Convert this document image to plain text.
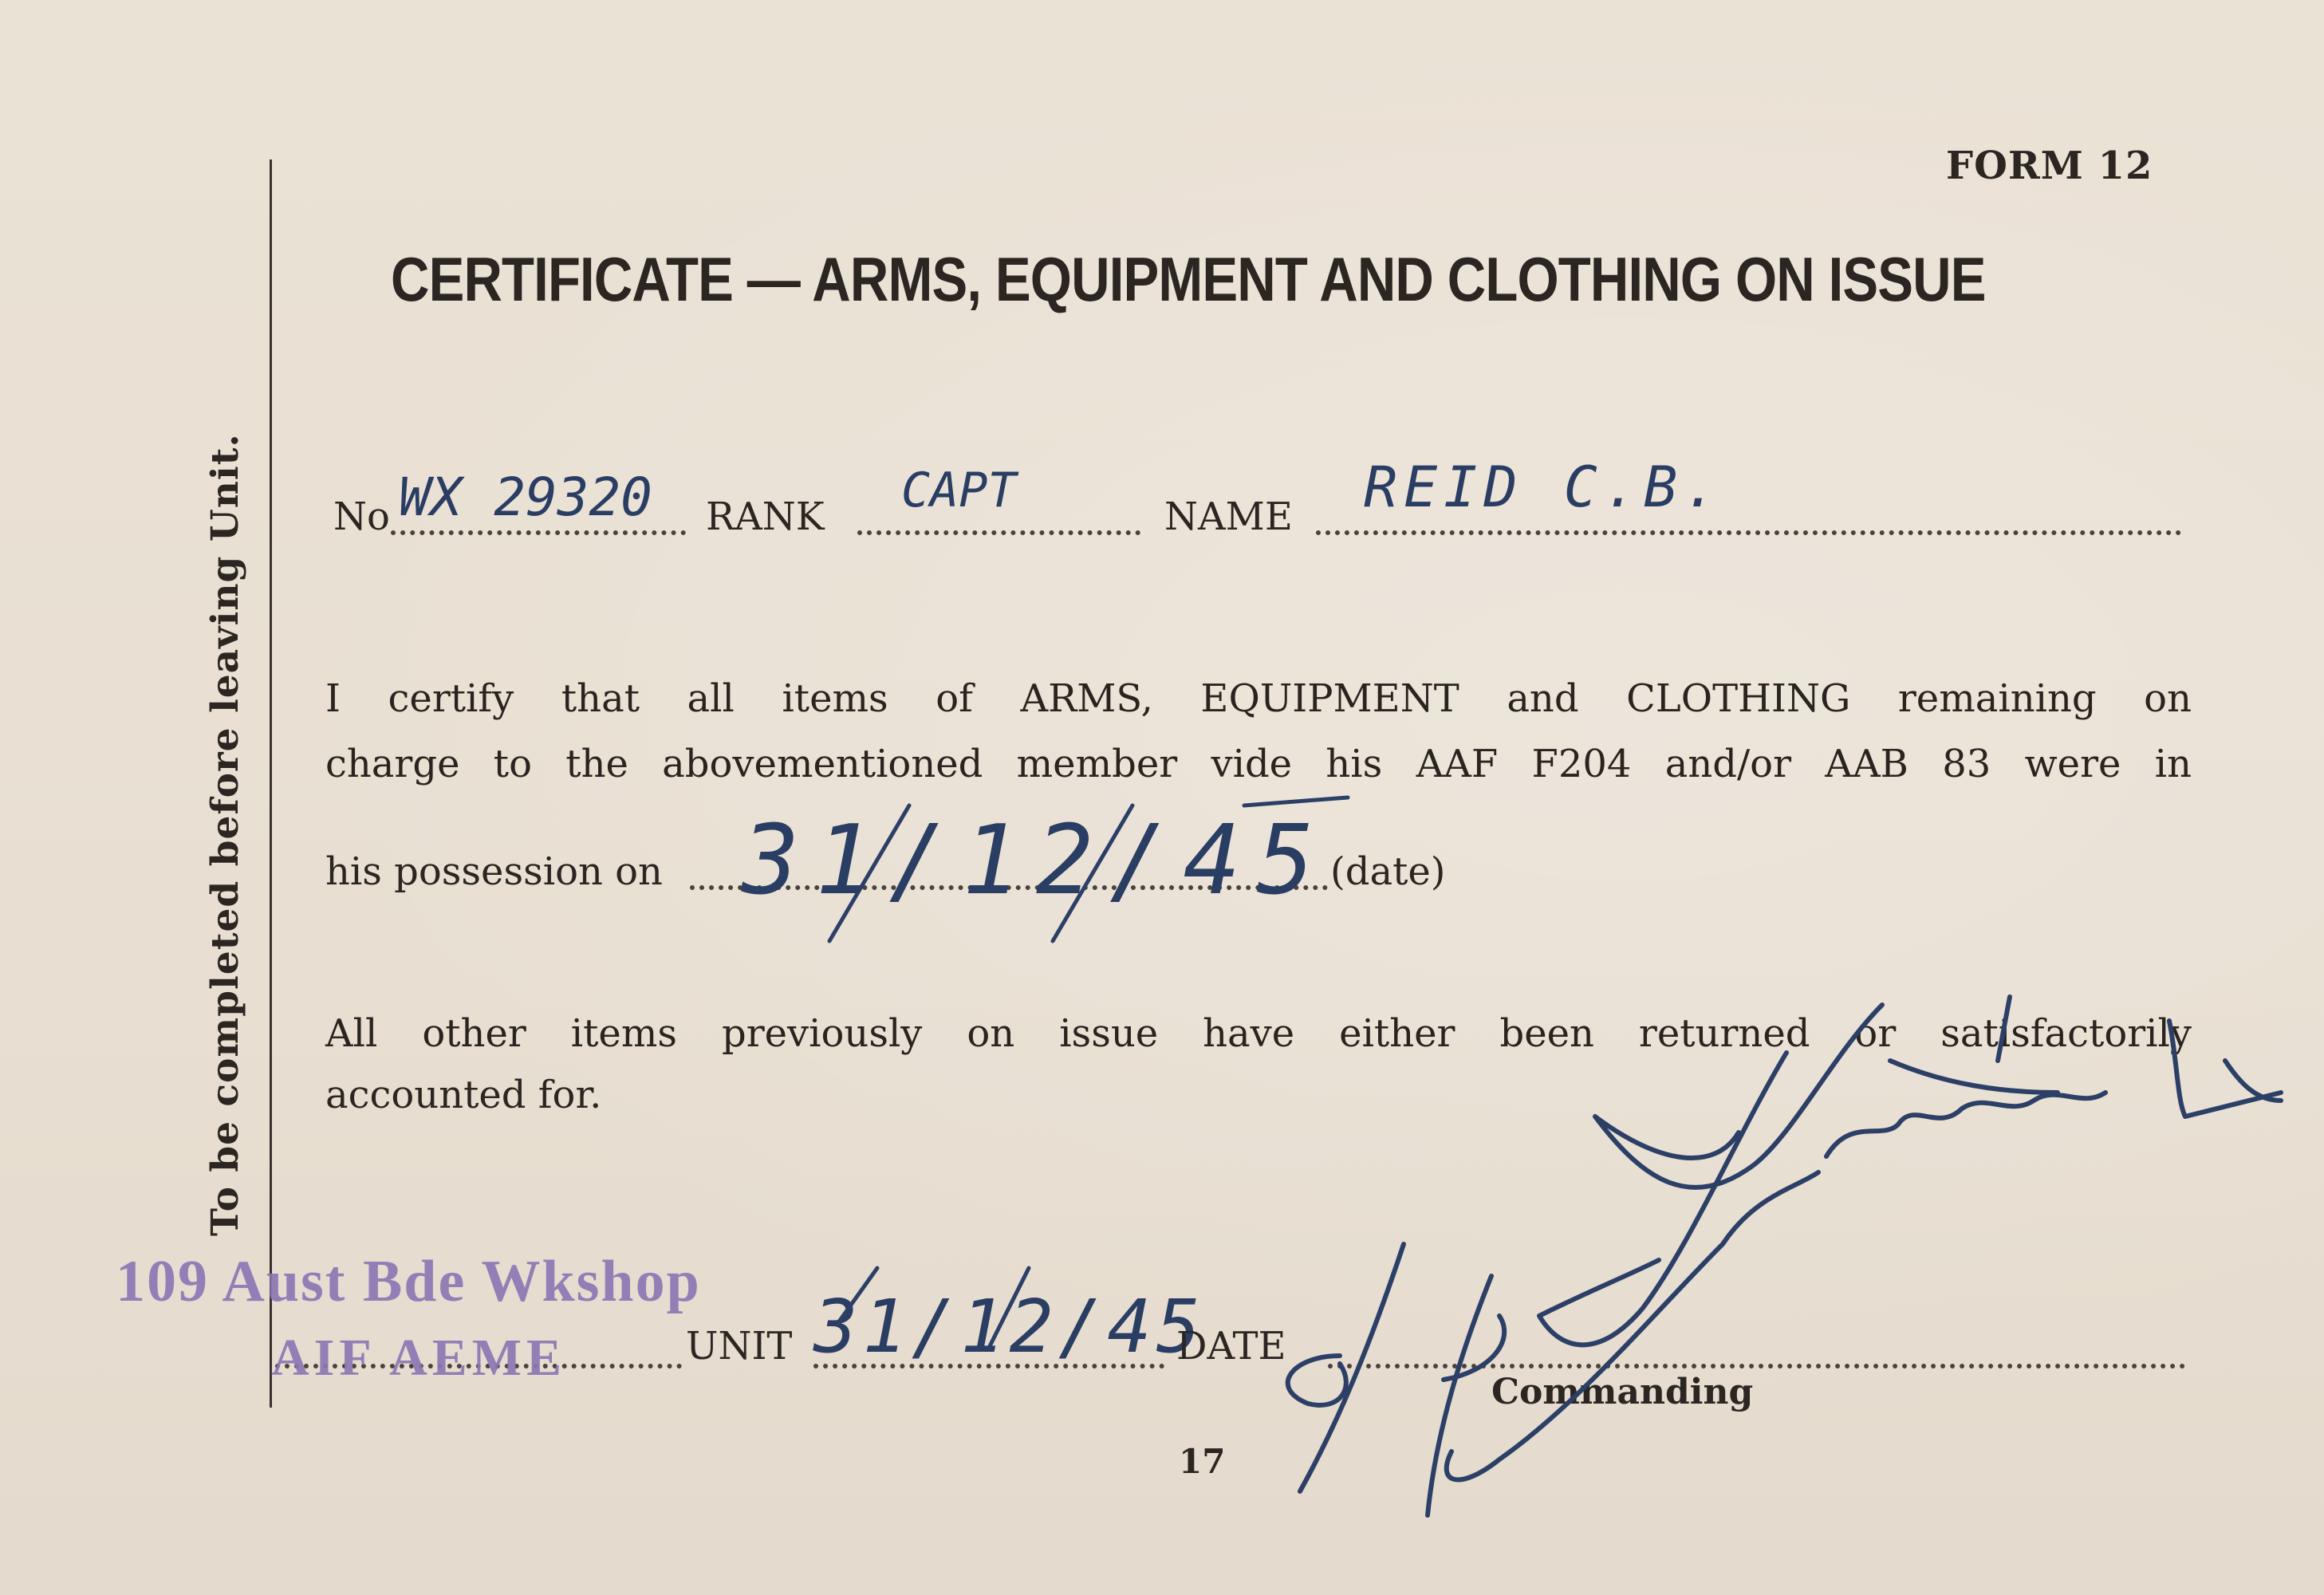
FORM 12
CERTIFICATE — ARMS, EQUIPMENT AND CLOTHING ON ISSUE
To be completed before leaving Unit. No WX 29320 RANK CAPT	NAME REID C.B.
I certify that all items of ARMS, EQUIPMENT and CLOTHING remaining on
charge to the abovementioned member vide his AAF F204 and/or AAB 83 were in
his possession on	(date)
31/12/45
All other items previously on issue have either been returned or satisfactorily
accounted for.
UNIT 31/12/45
DATE
Commanding
17
109 Aust Bde Wkshop
AIF AEME
